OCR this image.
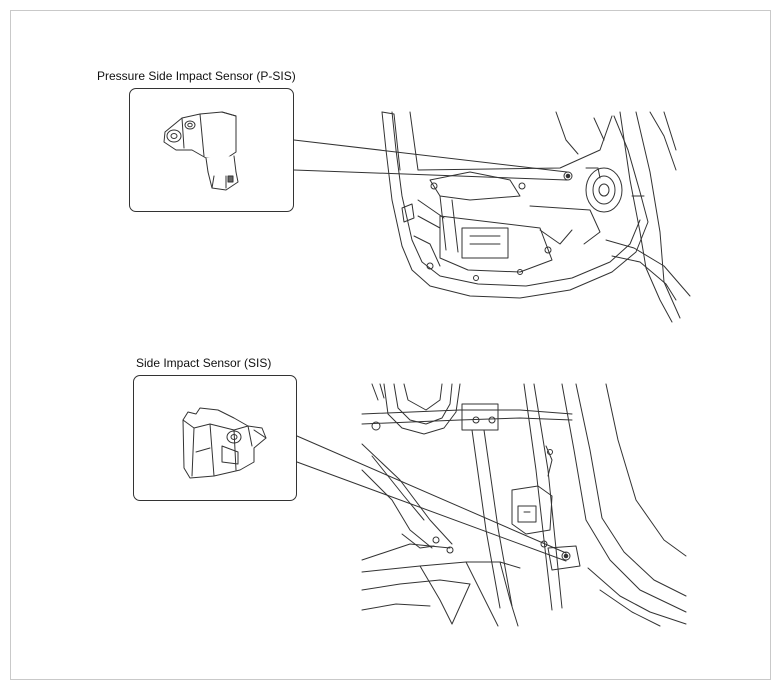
Pressure Side Impact Sensor (P-SIS)
Side Impact Sensor (SIS)
